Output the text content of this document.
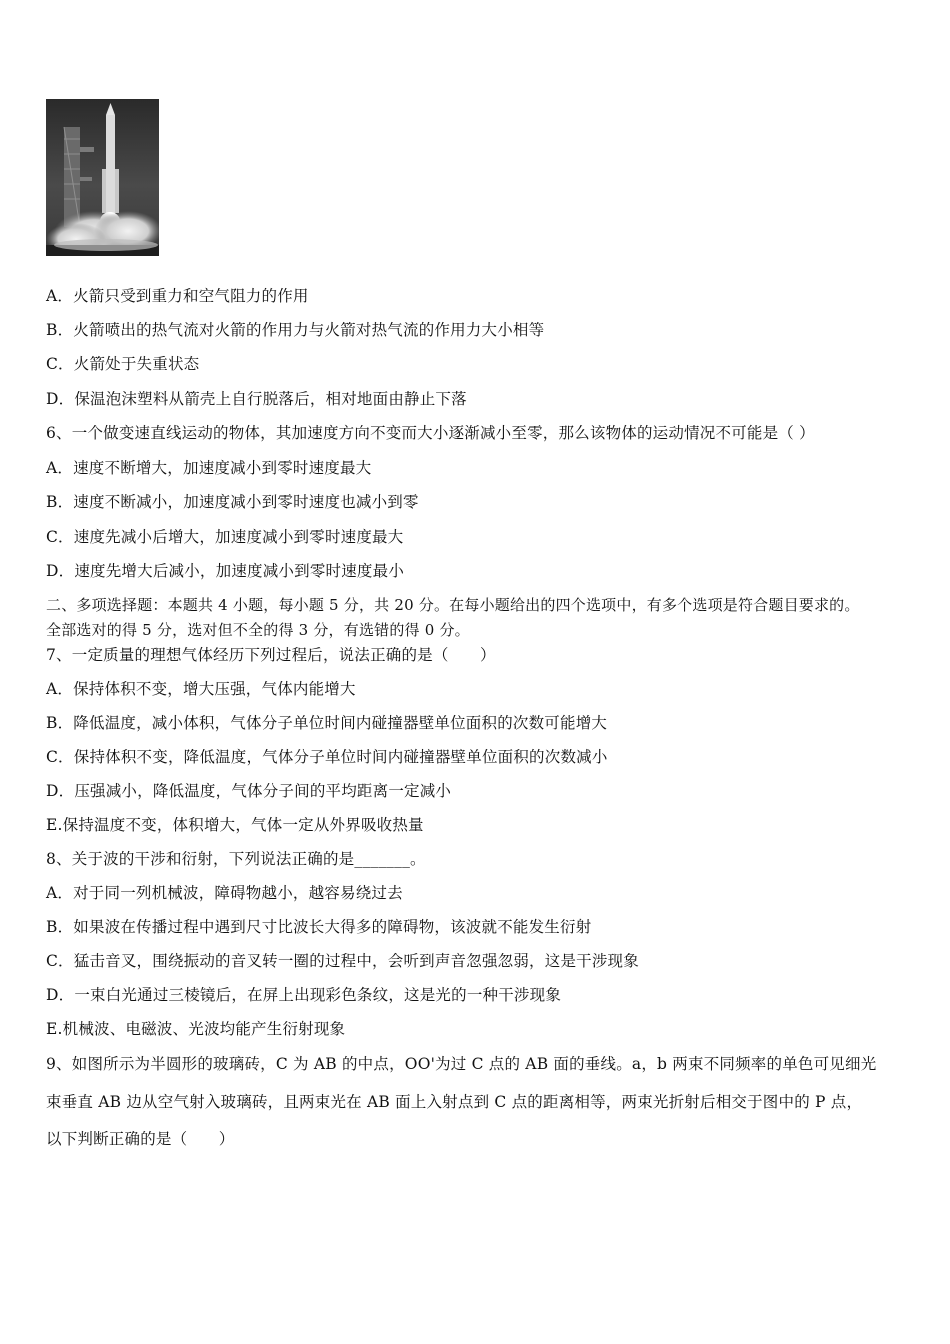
A．火箭只受到重力和空气阻力的作用
B．火箭喷出的热气流对火箭的作用力与火箭对热气流的作用力大小相等
C．火箭处于失重状态
D．保温泡沫塑料从箭壳上自行脱落后，相对地面由静止下落
6、一个做变速直线运动的物体，其加速度方向不变而大小逐渐减小至零，那么该物体的运动情况不可能是（ ）
A．速度不断增大，加速度减小到零时速度最大
B．速度不断减小，加速度减小到零时速度也减小到零
C．速度先减小后增大，加速度减小到零时速度最大
D．速度先增大后减小，加速度减小到零时速度最小
二、多项选择题：本题共 4 小题，每小题 5 分，共 20 分。在每小题给出的四个选项中，有多个选项是符合题目要求的。
全部选对的得 5 分，选对但不全的得 3 分，有选错的得 0 分。
7、一定质量的理想气体经历下列过程后，说法正确的是（　　）
A．保持体积不变，增大压强，气体内能增大
B．降低温度，减小体积，气体分子单位时间内碰撞器壁单位面积的次数可能增大
C．保持体积不变，降低温度，气体分子单位时间内碰撞器壁单位面积的次数减小
D．压强减小，降低温度，气体分子间的平均距离一定减小
E.保持温度不变，体积增大，气体一定从外界吸收热量
8、关于波的干涉和衍射，下列说法正确的是_______。
A．对于同一列机械波，障碍物越小，越容易绕过去
B．如果波在传播过程中遇到尺寸比波长大得多的障碍物，该波就不能发生衍射
C．猛击音叉，围绕振动的音叉转一圈的过程中，会听到声音忽强忽弱，这是干涉现象
D．一束白光通过三棱镜后，在屏上出现彩色条纹，这是光的一种干涉现象
E.机械波、电磁波、光波均能产生衍射现象
9、如图所示为半圆形的玻璃砖，C 为 AB 的中点，OO'为过 C 点的 AB 面的垂线。a，b 两束不同频率的单色可见细光
束垂直 AB 边从空气射入玻璃砖，且两束光在 AB 面上入射点到 C 点的距离相等，两束光折射后相交于图中的 P 点，
以下判断正确的是（　　）
